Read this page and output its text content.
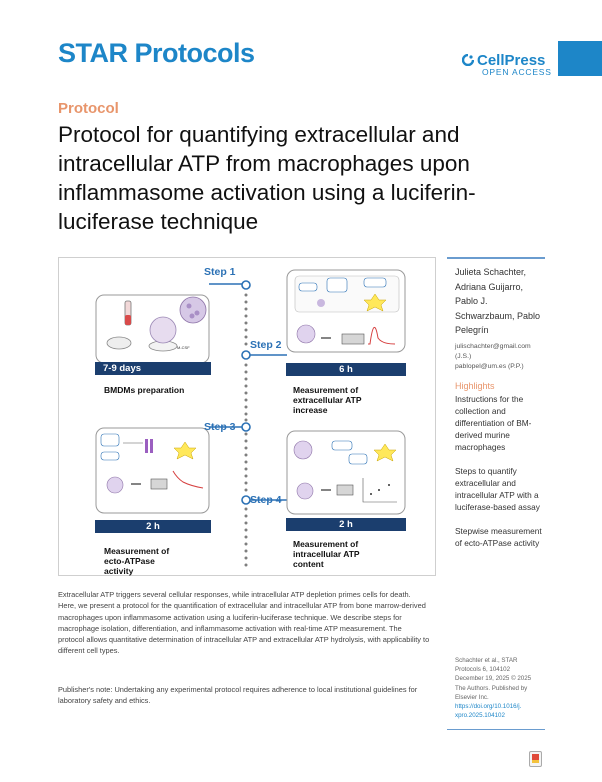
STAR Protocols	CellPress
OPEN ACCESS
Protocol
Protocol for quantifying extracellular and intracellular ATP from macrophages upon inflammasome activation using a luciferin-luciferase technique
M-CSF
Step 1
Step 2
Step 3
Step 4
7-9 days	6 h
2 h	2 h
BMDMs preparation	Measurement of extracellular ATP increase
Measurement of ecto-ATPase activity
Measurement of intracellular ATP content
Julieta Schachter, Adriana Guijarro, Pablo J. Schwarzbaum, Pablo Pelegrín
julischachter@gmail.com
(J.S.)
pablopel@um.es (P.P.)
Highlights

Instructions for the collection and differentiation of BM-derived murine macrophages

Steps to quantify extracellular and intracellular ATP with a luciferase-based assay

Stepwise measurement of ecto-ATPase activity

Schachter et al., STAR
Protocols 6, 104102
December 19, 2025 © 2025
The Authors. Published by
Elsevier Inc.
https://doi.org/10.1016/j.
xpro.2025.104102
Extracellular ATP triggers several cellular responses, while intracellular ATP depletion primes cells for death. Here, we present a protocol for the quantification of extracellular and intracellular ATP from bone marrow-derived macrophages upon inflammasome activation using a luciferin-luciferase technique. We describe steps for macrophage isolation, differentiation, and inflammasome activation with real-time ATP measurement. The protocol allows quantitative determination of intracellular ATP and extracellular ATP hydrolysis, with applicability to different cell types.
Publisher's note: Undertaking any experimental protocol requires adherence to local institutional guidelines for laboratory safety and ethics.
